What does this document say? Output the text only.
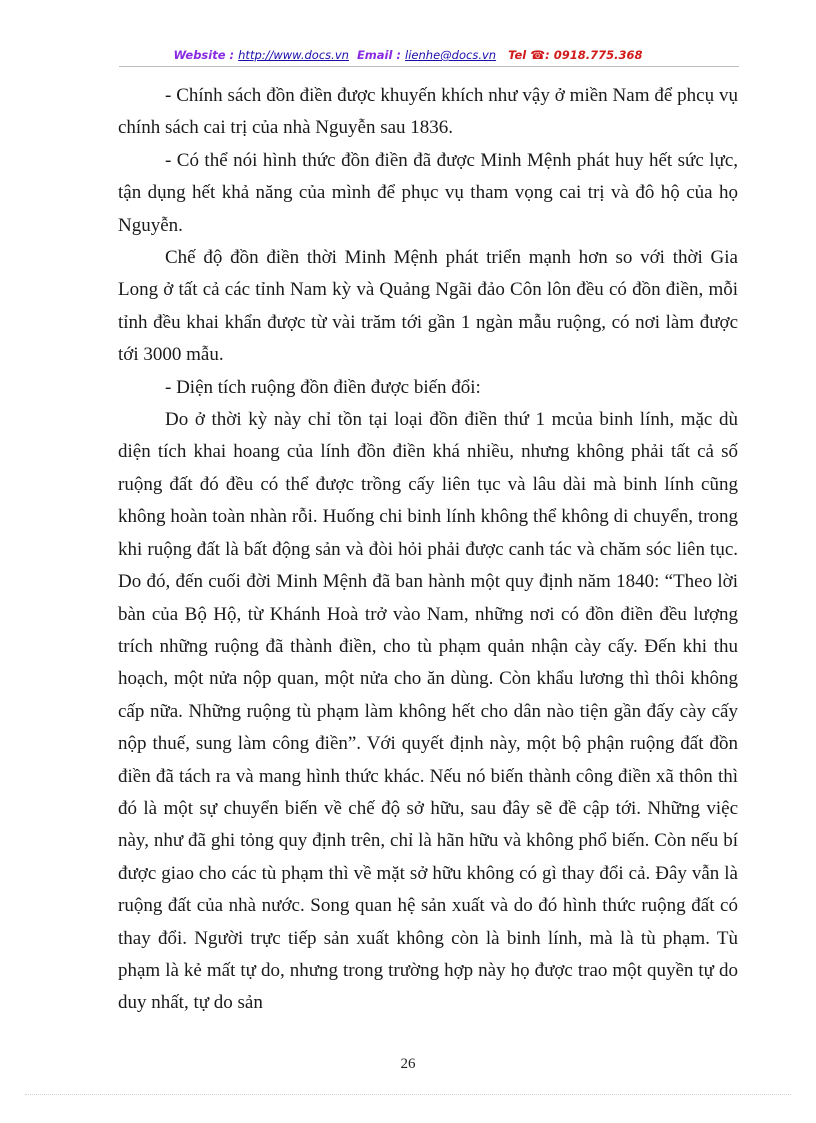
Website : http://www.docs.vn Email : lienhe@docs.vn Tel ☎: 0918.775.368

- Chính sách đồn điền được khuyến khích như vậy ở miền Nam để phcụ vụ chính sách cai trị của nhà Nguyễn sau 1836.

- Có thể nói hình thức đồn điền đã được Minh Mệnh phát huy hết sức lực, tận dụng hết khả năng của mình để phục vụ tham vọng cai trị và đô hộ của họ Nguyễn.

Chế độ đồn điền thời Minh Mệnh phát triển mạnh hơn so với thời Gia Long ở tất cả các tỉnh Nam kỳ và Quảng Ngãi đảo Côn lôn đều có đồn điền, mỗi tỉnh đều khai khẩn được từ vài trăm tới gần 1 ngàn mẫu ruộng, có nơi làm được tới 3000 mẫu.

- Diện tích ruộng đồn điền được biến đổi:

Do ở thời kỳ này chỉ tồn tại loại đồn điền thứ 1 mcủa binh lính, mặc dù diện tích khai hoang của lính đồn điền khá nhiều, nhưng không phải tất cả số ruộng đất đó đều có thể được trồng cấy liên tục và lâu dài mà binh lính cũng không hoàn toàn nhàn rỗi. Huống chi binh lính không thể không di chuyển, trong khi ruộng đất là bất động sản và đòi hỏi phải được canh tác và chăm sóc liên tục. Do đó, đến cuối đời Minh Mệnh đã ban hành một quy định năm 1840: “Theo lời bàn của Bộ Hộ, từ Khánh Hoà trở vào Nam, những nơi có đồn điền đều lượng trích những ruộng đã thành điền, cho tù phạm quản nhận cày cấy. Đến khi thu hoạch, một nửa nộp quan, một nửa cho ăn dùng. Còn khẩu lương thì thôi không cấp nữa. Những ruộng tù phạm làm không hết cho dân nào tiện gần đấy cày cấy nộp thuế, sung làm công điền”. Với quyết định này, một bộ phận ruộng đất đồn điền đã tách ra và mang hình thức khác. Nếu nó biến thành công điền xã thôn thì đó là một sự chuyển biến về chế độ sở hữu, sau đây sẽ đề cập tới. Những việc này, như đã ghi tỏng quy định trên, chỉ là hãn hữu và không phổ biến. Còn nếu bí được giao cho các tù phạm thì về mặt sở hữu không có gì thay đổi cả. Đây vẫn là ruộng đất của nhà nước. Song quan hệ sản xuất và do đó hình thức ruộng đất có thay đổi. Người trực tiếp sản xuất không còn là binh lính, mà là tù phạm. Tù phạm là kẻ mất tự do, nhưng trong trường hợp này họ được trao một quyền tự do duy nhất, tự do sản

26
